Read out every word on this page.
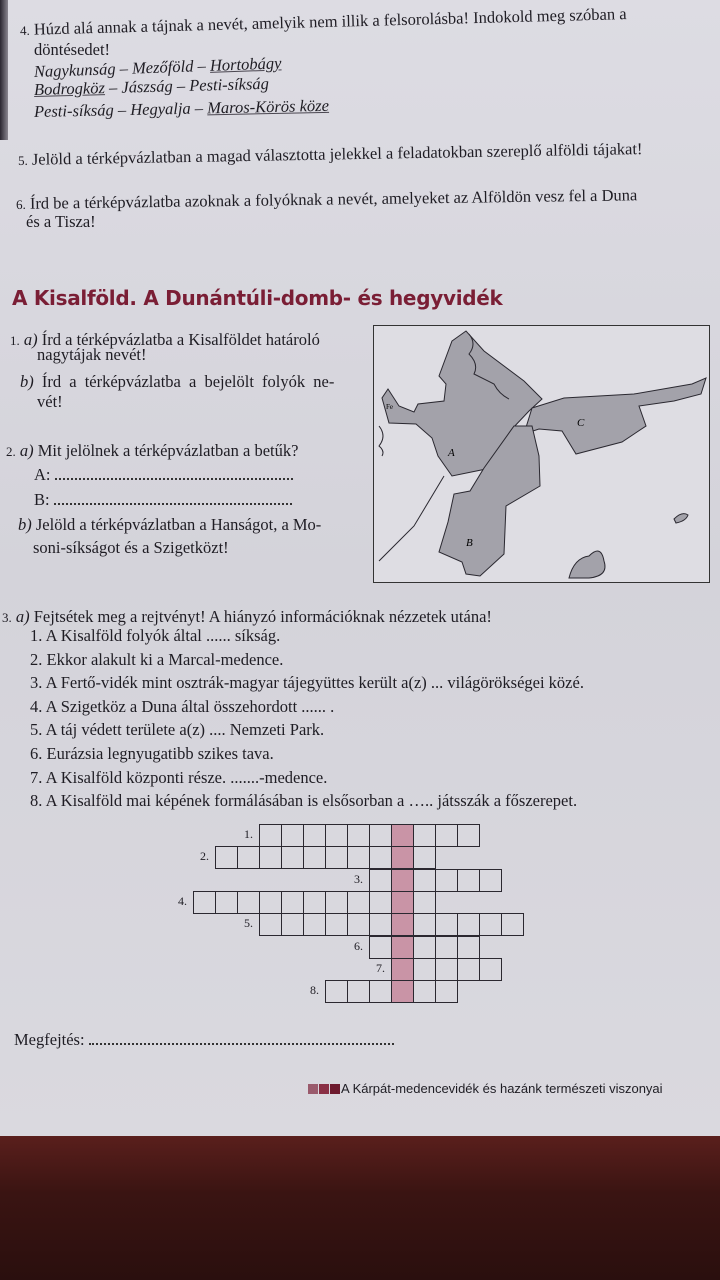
4. Húzd alá annak a tájnak a nevét, amelyik nem illik a felsorolásba! Indokold meg szóban a
döntésedet!
Nagykunság – Mezőföld – Hortobágy
Bodrogköz – Jászság – Pesti-síkság
Pesti-síkság – Hegyalja – Maros-Körös köze
5. Jelöld a térképvázlatban a magad választotta jelekkel a feladatokban szereplő alföldi tájakat!
6. Írd be a térképvázlatba azoknak a folyóknak a nevét, amelyeket az Alföldön vesz fel a Duna
és a Tisza!
A Kisalföld. A Dunántúli-domb- és hegyvidék
1. a) Írd a térképvázlatba a Kisalföldet határoló
nagytájak nevét!
b) Írd a térképvázlatba a bejelölt folyók ne-
vét!
2. a) Mit jelölnek a térképvázlatban a betűk?
A:
B:
b) Jelöld a térképvázlatban a Hanságot, a Mo-
soni-síkságot és a Szigetközt!
A
B
C
Fe
3. a) Fejtsétek meg a rejtvényt! A hiányzó információknak nézzetek utána!
1. A Kisalföld folyók által ...... síkság.
2. Ekkor alakult ki a Marcal-medence.
3. A Fertő-vidék mint osztrák-magyar tájegyüttes került a(z) ... világörökségei közé.
4. A Szigetköz a Duna által összehordott ...... .
5. A táj védett területe a(z) .... Nemzeti Park.
6. Eurázsia legnyugatibb szikes tava.
7. A Kisalföld központi része. .......-medence.
8. A Kisalföld mai képének formálásában is elsősorban a ….. játsszák a főszerepet.
1.
2.
3.
4.
5.
6.
7.
8.
Megfejtés:
A Kárpát-medencevidék és hazánk természeti viszonyai
